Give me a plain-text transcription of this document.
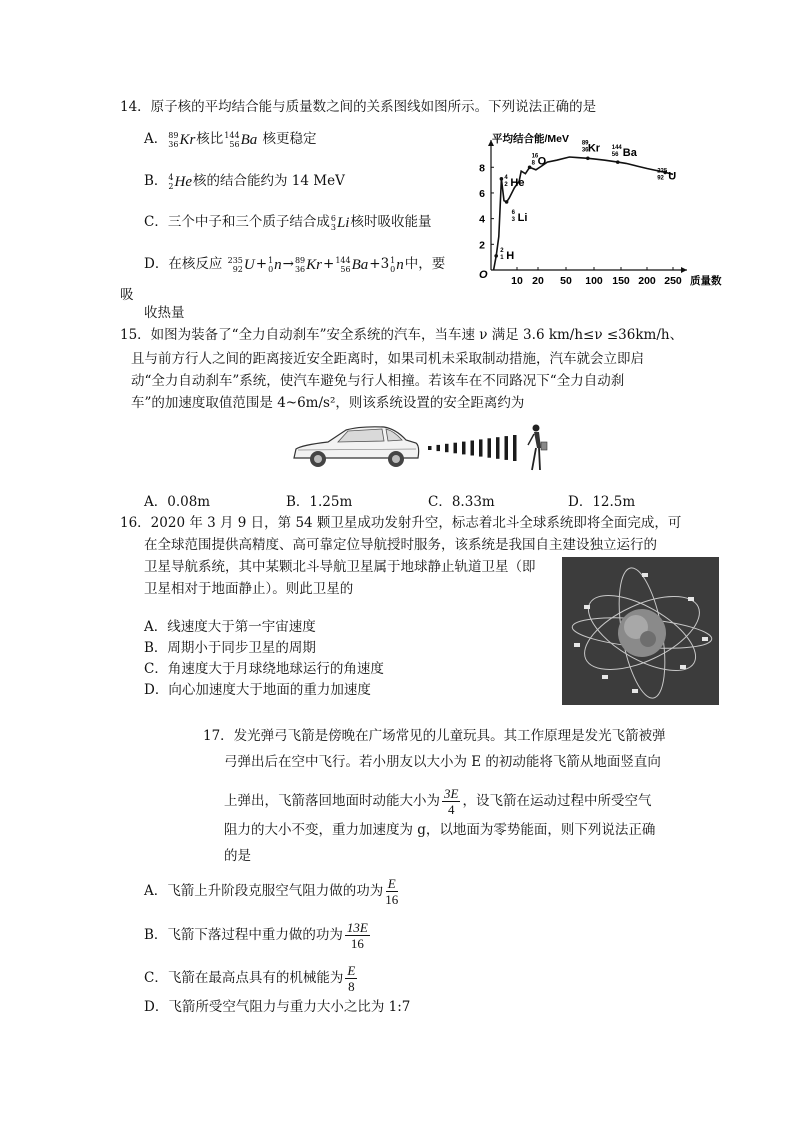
14．原子核的平均结合能与质量数之间的关系图线如图所示。下列说法正确的是
A． 89
36 Kr核比 144
56 Ba 核更稳定
B． 4
2 He核的结合能约为 14 MeV
C．三个中子和三个质子结合成 6
3 Li核时吸收能量
D．在核反应 235
92 U+ 1
0 n→ 89
36 Kr+ 144
56 Ba+3 1
0 n中，要
吸
收热量
10 20 50 100 150 200 250
2
4
6
8
2
1 H
4
2 He
6
3 Li
16
8 O
89
36 Kr 144
56 Ba
235
92 U
平均结合能/MeV
质量数
O
15．如图为装备了“全力自动刹车”安全系统的汽车，当车速 ν 满足 3.6 km/h≤ν ≤36km/h、
且与前方行人之间的距离接近安全距离时，如果司机未采取制动措施，汽车就会立即启
动“全力自动刹车”系统，使汽车避免与行人相撞。若该车在不同路况下“全力自动刹
车”的加速度取值范围是 4~6m/s²，则该系统设置的安全距离约为
A．0.08m	B．1.25m	C．8.33m	D．12.5m
16．2020 年 3 月 9 日，第 54 颗卫星成功发射升空，标志着北斗全球系统即将全面完成，可
在全球范围提供高精度、高可靠定位导航授时服务，该系统是我国自主建设独立运行的
卫星导航系统，其中某颗北斗导航卫星属于地球静止轨道卫星（即
卫星相对于地面静止）。则此卫星的
A．线速度大于第一宇宙速度
B．周期小于同步卫星的周期
C．角速度大于月球绕地球运行的角速度
D．向心加速度大于地面的重力加速度
17．发光弹弓飞箭是傍晚在广场常见的儿童玩具。其工作原理是发光飞箭被弹
弓弹出后在空中飞行。若小朋友以大小为 E 的初动能将飞箭从地面竖直向
上弹出，飞箭落回地面时动能大小为 $\frac{3E}{4}$ ，设飞箭在运动过程中所受空气
阻力的大小不变，重力加速度为 g，以地面为零势能面，则下列说法正确
的是
A．飞箭上升阶段克服空气阻力做的功为 $\frac{E}{16}$
B．飞箭下落过程中重力做的功为 $\frac{13E}{16}$
C．飞箭在最高点具有的机械能为 $\frac{E}{8}$
D．飞箭所受空气阻力与重力大小之比为 1:7
